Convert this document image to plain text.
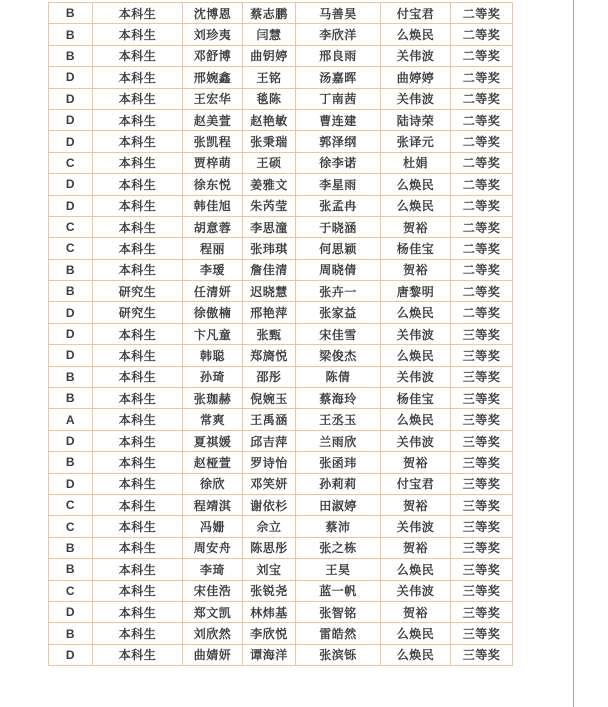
B	本科生	沈博恩	蔡志鹏	马善昊	付宝君	二等奖
B	本科生	刘珍夷	闫慧	李欣洋	么焕民	二等奖
B	本科生	邓舒博	曲钥婷	邢良雨	关伟波	二等奖
D	本科生	邢婉鑫	王铭	汤嘉晖	曲婷婷	二等奖
D	本科生	王宏华	毯陈	丁南茜	关伟波	二等奖
D	本科生	赵美萱	赵艳敏	曹连建	陆诗荣	二等奖
D	本科生	张凯程	张秉瑞	郭泽纲	张译元	二等奖
C	本科生	贾梓萌	王硕	徐李诺	杜娟	二等奖
D	本科生	徐东悦	姜雅文	李星雨	么焕民	二等奖
D	本科生	韩佳旭	朱芮莹	张孟冉	么焕民	二等奖
C	本科生	胡意蓉	李思潼	于晓涵	贺裕	二等奖
C	本科生	程丽	张玮琪	何思颖	杨佳宝	二等奖
B	本科生	李瑷	詹佳清	周晓倩	贺裕	二等奖
B	研究生	任清妍	迟晓慧	张卉一	唐黎明	二等奖
D	研究生	徐傲楠	邢艳萍	张家益	么焕民	二等奖
D	本科生	卞凡童	张甄	宋佳雪	关伟波	三等奖
D	本科生	韩聪	郑旖悦	梁俊杰	么焕民	三等奖
B	本科生	孙琦	邵彤	陈倩	关伟波	三等奖
B	本科生	张珈赫	倪婉玉	蔡海玲	杨佳宝	三等奖
A	本科生	常爽	王禹涵	王丞玉	么焕民	三等奖
D	本科生	夏祺媛	邱吉萍	兰雨欣	关伟波	三等奖
B	本科生	赵桠萱	罗诗怡	张函玮	贺裕	三等奖
D	本科生	徐欣	邓笑妍	孙莉莉	付宝君	三等奖
C	本科生	程靖淇	谢依杉	田淑婷	贺裕	三等奖
C	本科生	冯姗	佘立	蔡沛	关伟波	三等奖
B	本科生	周安舟	陈思彤	张之栋	贺裕	三等奖
B	本科生	李琦	刘宝	王昊	么焕民	三等奖
C	本科生	宋佳浩	张锐尧	蓝一帆	关伟波	三等奖
D	本科生	郑文凯	林炜基	张智铭	贺裕	三等奖
B	本科生	刘欣然	李欣悦	雷皓然	么焕民	三等奖
D	本科生	曲婧妍	谭海洋	张滨铄	么焕民	三等奖
